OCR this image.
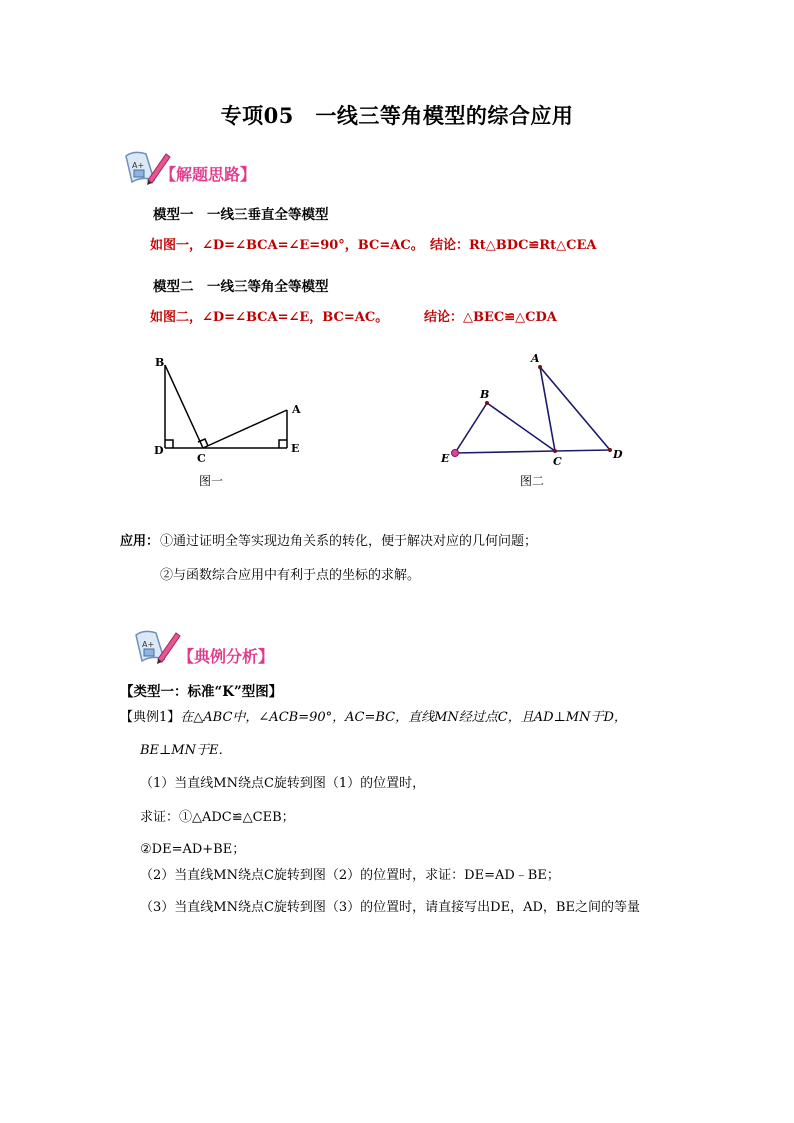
专项05　一线三等角模型的综合应用
A+ 【解题思路】
模型一　一线三垂直全等模型
如图一，∠D=∠BCA=∠E=90°，BC=AC。 结论：Rt△BDC≌Rt△CEA
模型二　一线三等角全等模型
如图二，∠D=∠BCA=∠E，BC=AC。	结论：△BEC≌△CDA
B
A
D
C
E
图一
A
B
E	C
D
图二
应用： ①通过证明全等实现边角关系的转化，便于解决对应的几何问题；
②与函数综合应用中有利于点的坐标的求解。
A+
【典例分析】
【类型一：标准“K”型图】
【典例1】在△ABC中，∠ACB=90°，AC=BC，直线MN经过点C，且AD⊥MN于D，
BE⊥MN于E．
（1）当直线MN绕点C旋转到图（1）的位置时，
求证：①△ADC≌△CEB；
②DE=AD+BE；
（2）当直线MN绕点C旋转到图（2）的位置时，求证：DE=AD﹣BE；
（3）当直线MN绕点C旋转到图（3）的位置时，请直接写出DE，AD，BE之间的等量
